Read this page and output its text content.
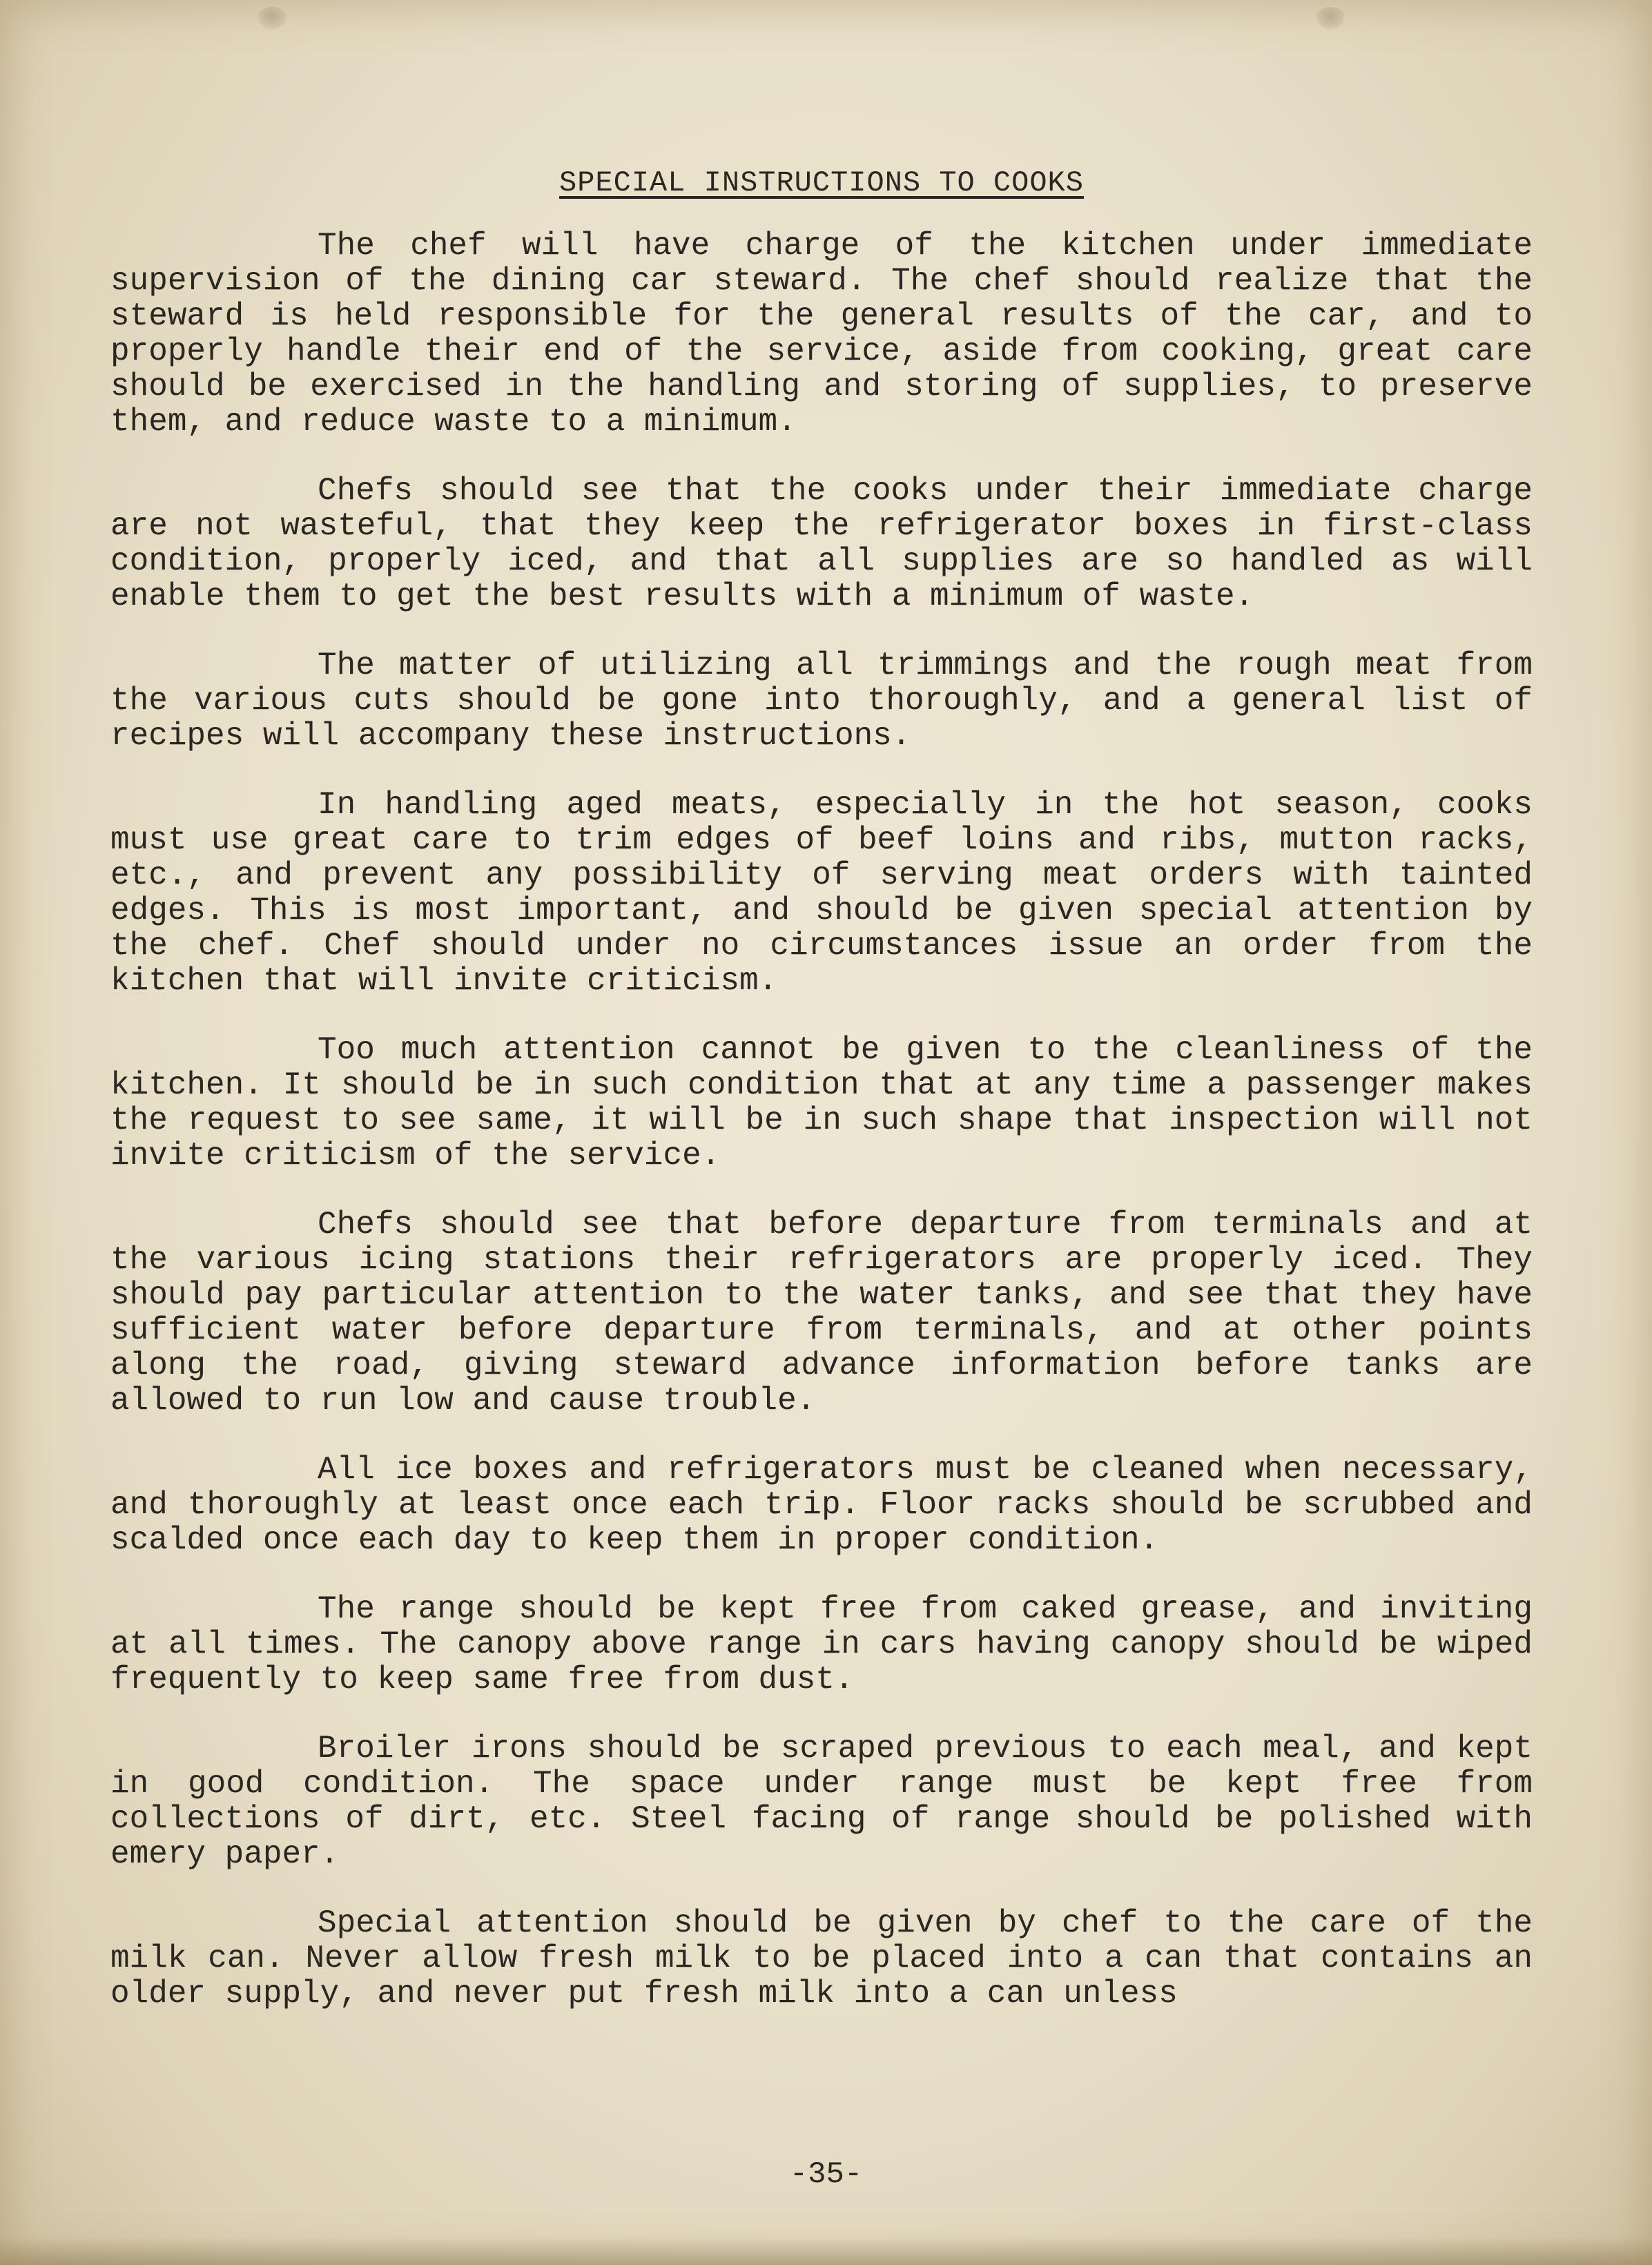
SPECIAL INSTRUCTIONS TO COOKS

The chef will have charge of the kitchen under immediate supervision of the dining car steward. The chef should realize that the steward is held responsible for the general results of the car, and to properly handle their end of the service, aside from cooking, great care should be exercised in the handling and storing of supplies, to preserve them, and reduce waste to a minimum.

Chefs should see that the cooks under their immediate charge are not wasteful, that they keep the refrigerator boxes in first-class condition, properly iced, and that all supplies are so handled as will enable them to get the best results with a minimum of waste.

The matter of utilizing all trimmings and the rough meat from the various cuts should be gone into thoroughly, and a general list of recipes will accompany these instructions.

In handling aged meats, especially in the hot season, cooks must use great care to trim edges of beef loins and ribs, mutton racks, etc., and prevent any possibility of serving meat orders with tainted edges. This is most important, and should be given special attention by the chef. Chef should under no circumstances issue an order from the kitchen that will invite criticism.

Too much attention cannot be given to the cleanliness of the kitchen. It should be in such condition that at any time a passenger makes the request to see same, it will be in such shape that inspection will not invite criticism of the service.

Chefs should see that before departure from terminals and at the various icing stations their refrigerators are properly iced. They should pay particular attention to the water tanks, and see that they have sufficient water before departure from terminals, and at other points along the road, giving steward advance information before tanks are allowed to run low and cause trouble.

All ice boxes and refrigerators must be cleaned when necessary, and thoroughly at least once each trip. Floor racks should be scrubbed and scalded once each day to keep them in proper condition.

The range should be kept free from caked grease, and inviting at all times. The canopy above range in cars having canopy should be wiped frequently to keep same free from dust.

Broiler irons should be scraped previous to each meal, and kept in good condition. The space under range must be kept free from collections of dirt, etc. Steel facing of range should be polished with emery paper.

Special attention should be given by chef to the care of the milk can. Never allow fresh milk to be placed into a can that contains an older supply, and never put fresh milk into a can unless

-35-
